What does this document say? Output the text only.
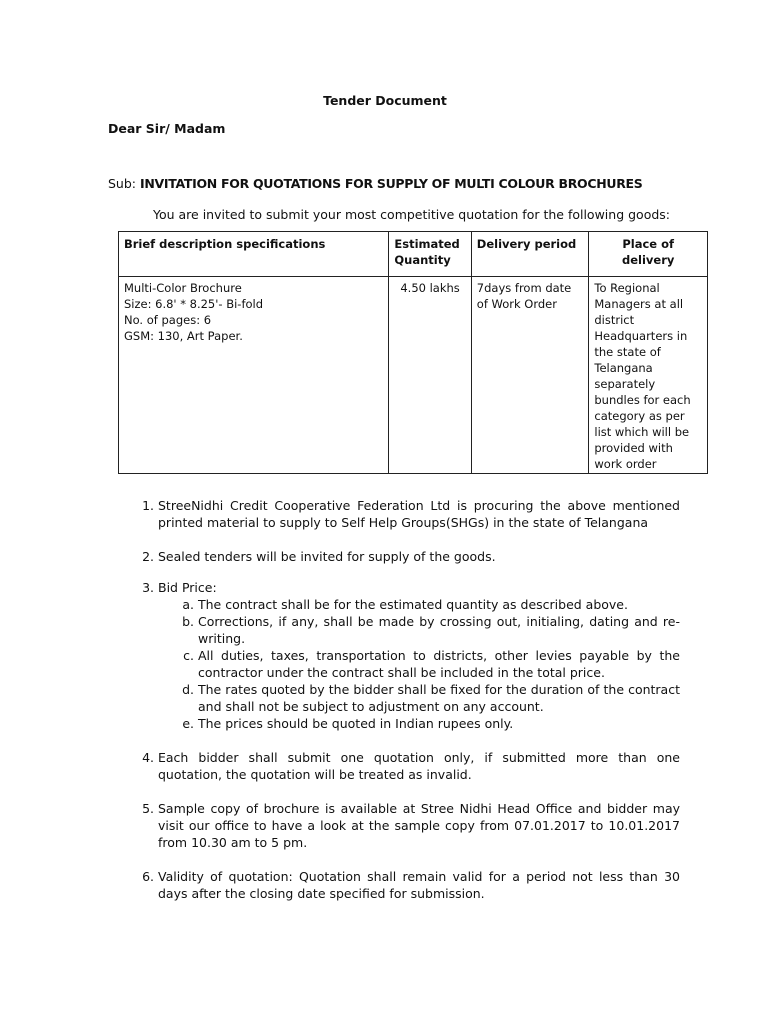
Tender Document
Dear Sir/ Madam
Sub: INVITATION FOR QUOTATIONS FOR SUPPLY OF MULTI COLOUR BROCHURES
You are invited to submit your most competitive quotation for the following goods:
Brief description specifications	Estimated Quantity	Delivery period	Place of delivery

Multi-Color Brochure
Size: 6.8' * 8.25'- Bi-fold
No. of pages: 6
GSM: 130, Art Paper.	4.50 lakhs	7days from date of Work Order	To Regional Managers at all district Headquarters in the state of Telangana separately bundles for each category as per list which will be provided with work order
1. StreeNidhi Credit Cooperative Federation Ltd is procuring the above mentioned printed material to supply to Self Help Groups(SHGs) in the state of Telangana
2. Sealed tenders will be invited for supply of the goods.
3. Bid Price:
a. The contract shall be for the estimated quantity as described above.
b. Corrections, if any, shall be made by crossing out, initialing, dating and re-writing.
c. All duties, taxes, transportation to districts, other levies payable by the contractor under the contract shall be included in the total price.
d. The rates quoted by the bidder shall be fixed for the duration of the contract and shall not be subject to adjustment on any account.
e. The prices should be quoted in Indian rupees only.
4. Each bidder shall submit one quotation only, if submitted more than one quotation, the quotation will be treated as invalid.
5. Sample copy of brochure is available at Stree Nidhi Head Office and bidder may visit our office to have a look at the sample copy from 07.01.2017 to 10.01.2017 from 10.30 am to 5 pm.
6. Validity of quotation: Quotation shall remain valid for a period not less than 30 days after the closing date specified for submission.
